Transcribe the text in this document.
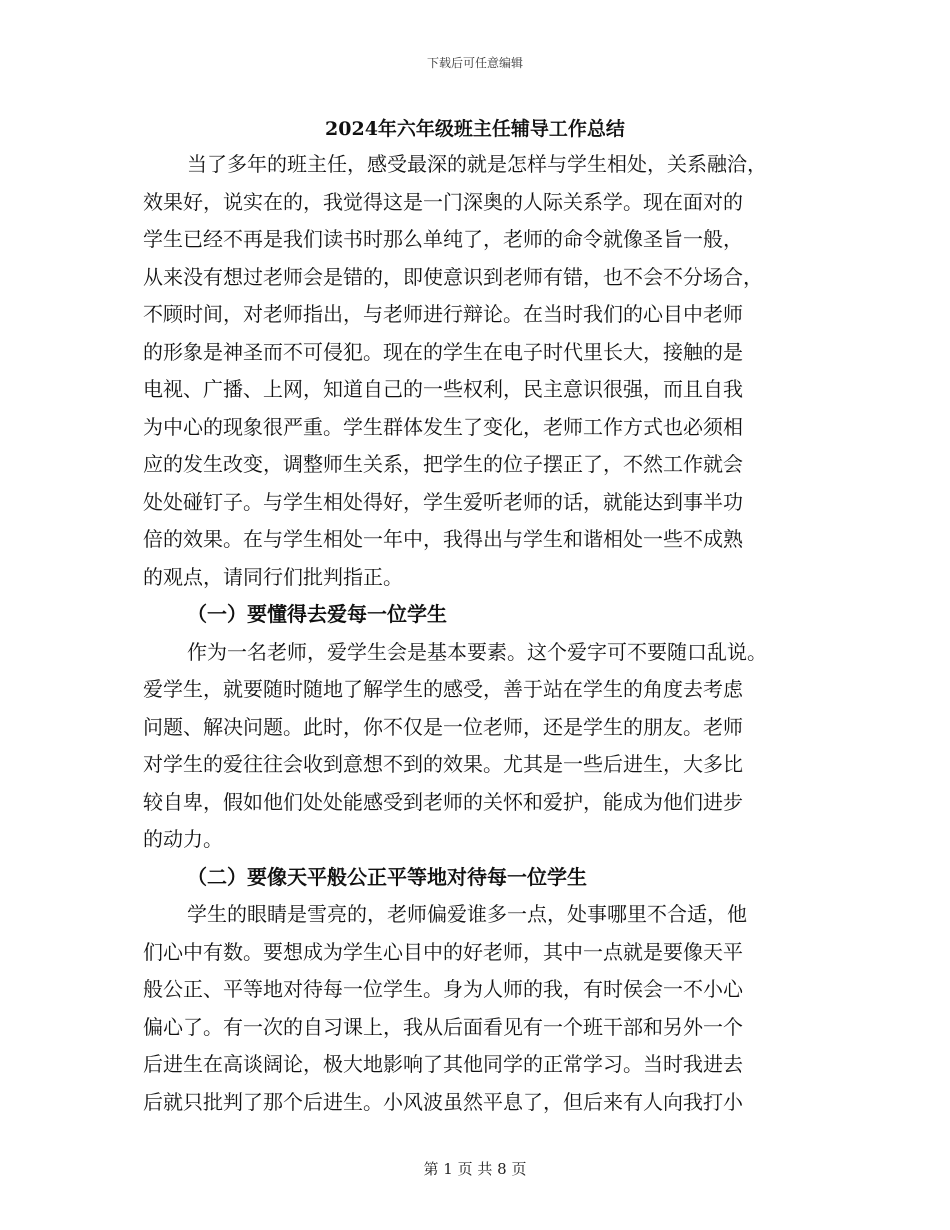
下载后可任意编辑
2024年六年级班主任辅导工作总结
当了多年的班主任，感受最深的就是怎样与学生相处，关系融洽，
效果好，说实在的，我觉得这是一门深奥的人际关系学。现在面对的
学生已经不再是我们读书时那么单纯了，老师的命令就像圣旨一般，
从来没有想过老师会是错的，即使意识到老师有错，也不会不分场合，
不顾时间，对老师指出，与老师进行辩论。在当时我们的心目中老师
的形象是神圣而不可侵犯。现在的学生在电子时代里长大，接触的是
电视、广播、上网，知道自己的一些权利，民主意识很强，而且自我
为中心的现象很严重。学生群体发生了变化，老师工作方式也必须相
应的发生改变，调整师生关系，把学生的位子摆正了，不然工作就会
处处碰钉子。与学生相处得好，学生爱听老师的话，就能达到事半功
倍的效果。在与学生相处一年中，我得出与学生和谐相处一些不成熟
的观点，请同行们批判指正。
（一）要懂得去爱每一位学生
作为一名老师，爱学生会是基本要素。这个爱字可不要随口乱说。
爱学生，就要随时随地了解学生的感受，善于站在学生的角度去考虑
问题、解决问题。此时，你不仅是一位老师，还是学生的朋友。老师
对学生的爱往往会收到意想不到的效果。尤其是一些后进生，大多比
较自卑，假如他们处处能感受到老师的关怀和爱护，能成为他们进步
的动力。
（二）要像天平般公正平等地对待每一位学生
学生的眼睛是雪亮的，老师偏爱谁多一点，处事哪里不合适，他
们心中有数。要想成为学生心目中的好老师，其中一点就是要像天平
般公正、平等地对待每一位学生。身为人师的我，有时侯会一不小心
偏心了。有一次的自习课上，我从后面看见有一个班干部和另外一个
后进生在高谈阔论，极大地影响了其他同学的正常学习。当时我进去
后就只批判了那个后进生。小风波虽然平息了，但后来有人向我打小
第 1 页 共 8 页
